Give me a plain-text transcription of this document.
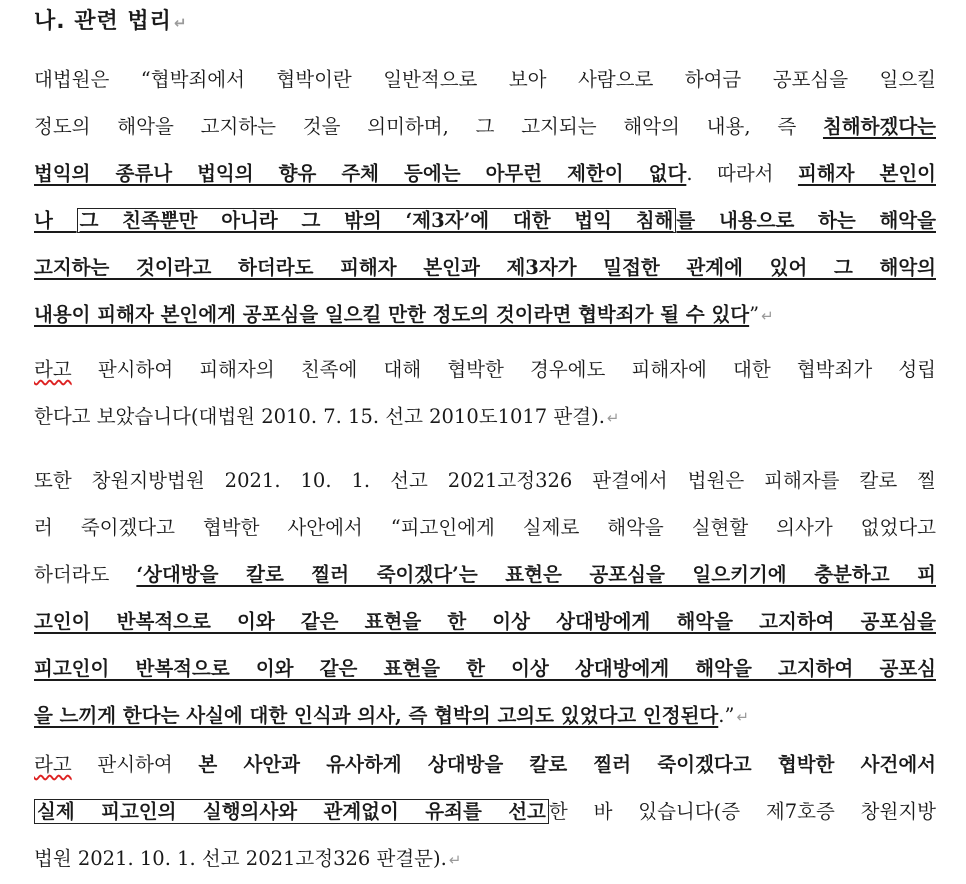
나. 관련 법리 ↵
대법원은 “협박죄에서 협박이란 일반적으로 보아 사람으로 하여금 공포심을 일으킬
정도의 해악을 고지하는 것을 의미하며, 그 고지되는 해악의 내용, 즉 침해하겠다는
법익의 종류나 법익의 향유 주체 등에는 아무런 제한이 없다. 따라서 피해자 본인이
나 그 친족뿐만 아니라 그 밖의 ‘제3자’에 대한 법익 침해 를 내용으로 하는 해악을
고지하는 것이라고 하더라도 피해자 본인과 제3자가 밀접한 관계에 있어 그 해악의
내용이 피해자 본인에게 공포심을 일으킬 만한 정도의 것이라면 협박죄가 될 수 있다” ↵
라고 판시하여 피해자의 친족에 대해 협박한 경우에도 피해자에 대한 협박죄가 성립
한다고 보았습니다(대법원 2010. 7. 15. 선고 2010도1017 판결). ↵
또한 창원지방법원 2021. 10. 1. 선고 2021고정326 판결에서 법원은 피해자를 칼로 찔
러 죽이겠다고 협박한 사안에서 “피고인에게 실제로 해악을 실현할 의사가 없었다고
하더라도 ‘상대방을 칼로 찔러 죽이겠다’는 표현은 공포심을 일으키기에 충분하고 피
고인이 반복적으로 이와 같은 표현을 한 이상 상대방에게 해악을 고지하여 공포심을
피고인이 반복적으로 이와 같은 표현을 한 이상 상대방에게 해악을 고지하여 공포심
을 느끼게 한다는 사실에 대한 인식과 의사, 즉 협박의 고의도 있었다고 인정된다.” ↵
라고 판시하여 본 사안과 유사하게 상대방을 칼로 찔러 죽이겠다고 협박한 사건에서
실제 피고인의 실행의사와 관계없이 유죄를 선고 한 바 있습니다(증 제7호증 창원지방
법원 2021. 10. 1. 선고 2021고정326 판결문). ↵
